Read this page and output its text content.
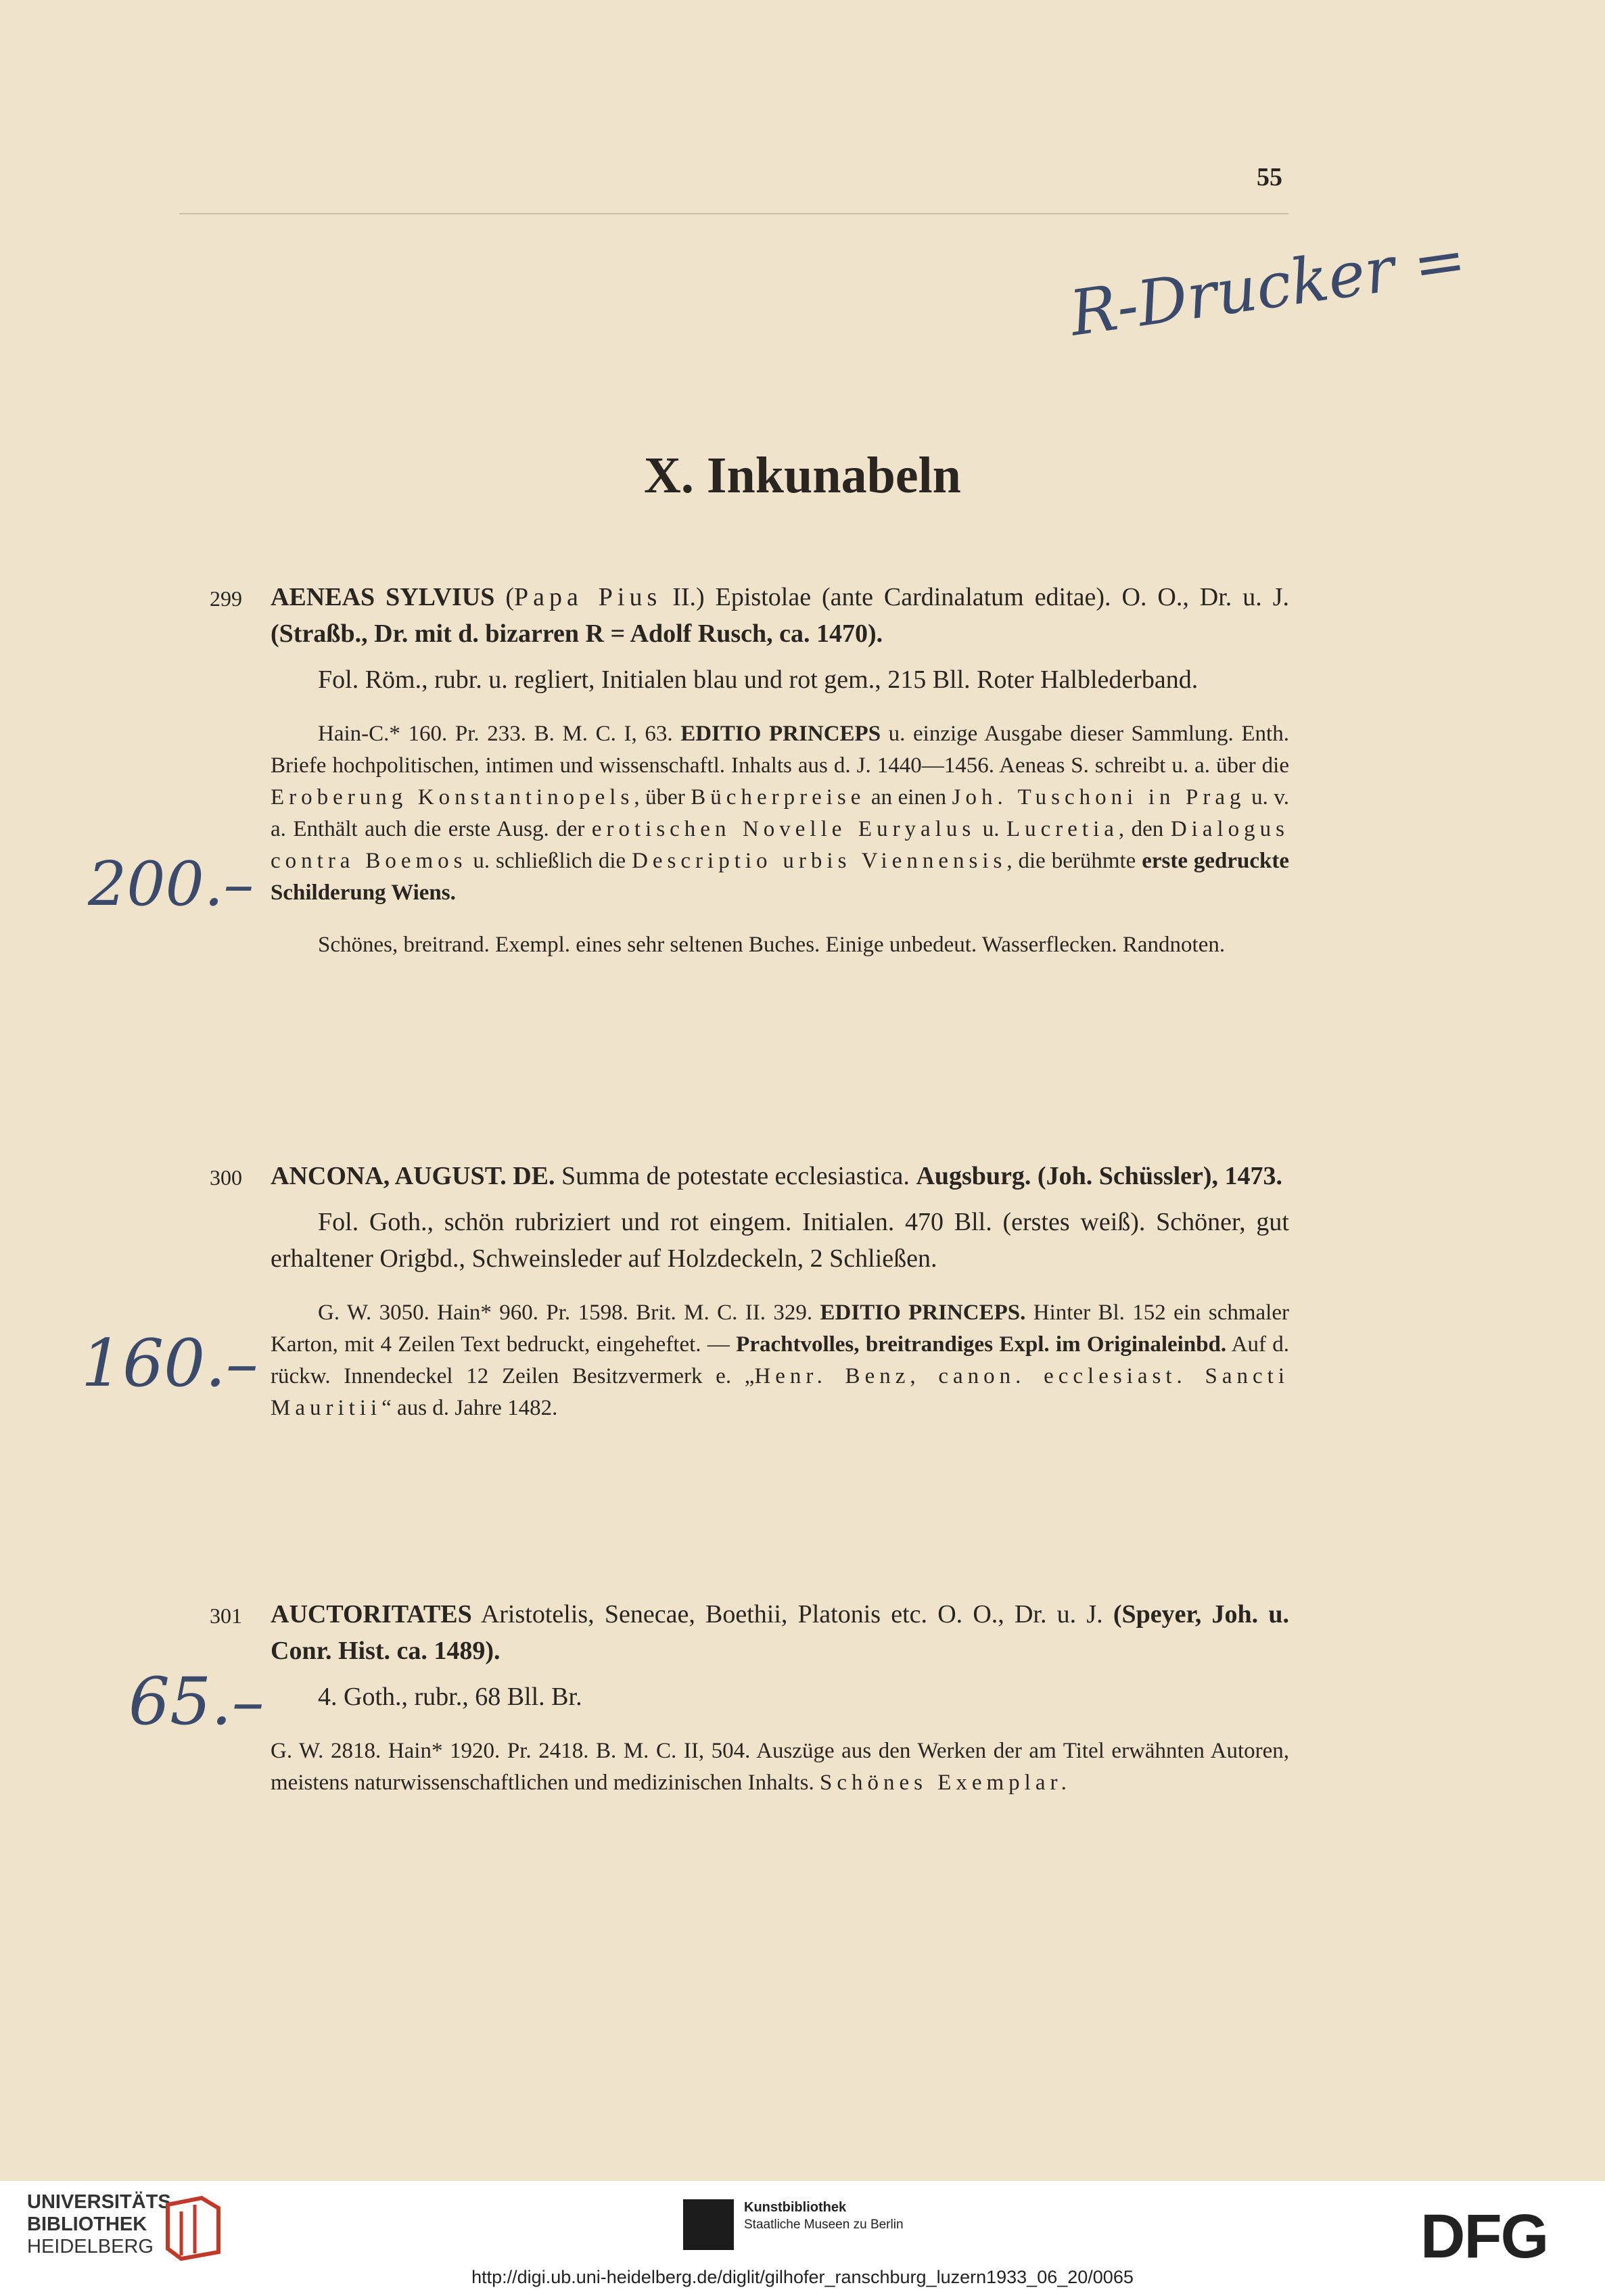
55
R-Drucker =
X. Inkunabeln
200.–
299 AENEAS SYLVIUS (Papa Pius II.) Epistolae (ante Cardinalatum editae). O. O., Dr. u. J. (Straßb., Dr. mit d. bizarren R = Adolf Rusch, ca. 1470).
Fol. Röm., rubr. u. regliert, Initialen blau und rot gem., 215 Bll. Roter Halblederband.
Hain-C.* 160. Pr. 233. B. M. C. I, 63. EDITIO PRINCEPS u. einzige Ausgabe dieser Sammlung. Enth. Briefe hochpolitischen, intimen und wissenschaftl. Inhalts aus d. J. 1440—1456. Aeneas S. schreibt u. a. über die Eroberung Konstantinopels, über Bücherpreise an einen Joh. Tuschoni in Prag u. v. a. Enthält auch die erste Ausg. der erotischen Novelle Euryalus u. Lucretia, den Dialogus contra Boemos u. schließlich die Descriptio urbis Viennensis, die berühmte erste gedruckte Schilderung Wiens.
Schönes, breitrand. Exempl. eines sehr seltenen Buches. Einige unbedeut. Wasserflecken. Randnoten.
160.–
300 ANCONA, AUGUST. DE. Summa de potestate ecclesiastica. Augsburg. (Joh. Schüssler), 1473.
Fol. Goth., schön rubriziert und rot eingem. Initialen. 470 Bll. (erstes weiß). Schöner, gut erhaltener Origbd., Schweinsleder auf Holzdeckeln, 2 Schließen.
G. W. 3050. Hain* 960. Pr. 1598. Brit. M. C. II. 329. EDITIO PRINCEPS. Hinter Bl. 152 ein schmaler Karton, mit 4 Zeilen Text bedruckt, eingeheftet. — Prachtvolles, breitrandiges Expl. im Originaleinbd. Auf d. rückw. Innendeckel 12 Zeilen Besitzvermerk e. „Henr. Benz, canon. ecclesiast. Sancti Mauritii“ aus d. Jahre 1482.
65.–
301 AUCTORITATES Aristotelis, Senecae, Boethii, Platonis etc. O. O., Dr. u. J. (Speyer, Joh. u. Conr. Hist. ca. 1489).
4. Goth., rubr., 68 Bll. Br.
G. W. 2818. Hain* 1920. Pr. 2418. B. M. C. II, 504. Auszüge aus den Werken der am Titel erwähnten Autoren, meistens naturwissenschaftlichen und medizinischen Inhalts. Schönes Exemplar.
UNIVERSITÄTS-
BIBLIOTHEK
HEIDELBERG
Kunstbibliothek
Staatliche Museen zu Berlin	DFG
http://digi.ub.uni-heidelberg.de/diglit/gilhofer_ranschburg_luzern1933_06_20/0065
